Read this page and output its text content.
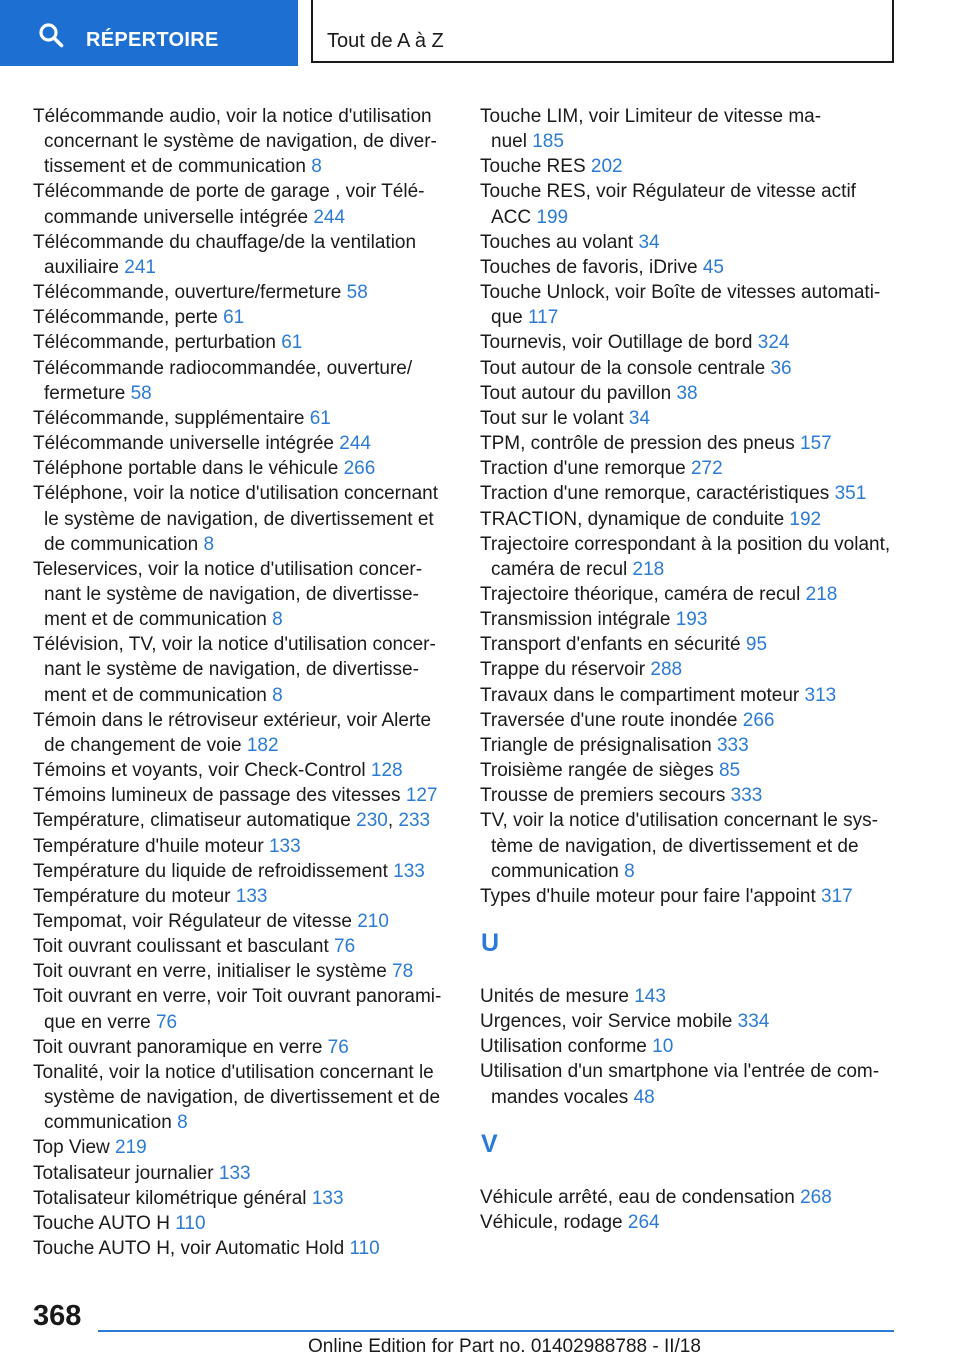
RÉPERTOIRE	Tout de A à Z

Télécommande audio, voir la notice d'utilisation
concernant le système de navigation, de diver-
tissement et de communication 8

Télécommande de porte de garage , voir Télé-
commande universelle intégrée 244

Télécommande du chauffage/de la ventilation
auxiliaire 241

Télécommande, ouverture/fermeture 58

Télécommande, perte 61

Télécommande, perturbation 61

Télécommande radiocommandée, ouverture/
fermeture 58

Télécommande, supplémentaire 61

Télécommande universelle intégrée 244

Téléphone portable dans le véhicule 266

Téléphone, voir la notice d'utilisation concernant
le système de navigation, de divertissement et
de communication 8

Teleservices, voir la notice d'utilisation concer-
nant le système de navigation, de divertisse-
ment et de communication 8

Télévision, TV, voir la notice d'utilisation concer-
nant le système de navigation, de divertisse-
ment et de communication 8

Témoin dans le rétroviseur extérieur, voir Alerte
de changement de voie 182

Témoins et voyants, voir Check-Control 128

Témoins lumineux de passage des vitesses 127

Température, climatiseur automatique 230, 233

Température d'huile moteur 133

Température du liquide de refroidissement 133

Température du moteur 133

Tempomat, voir Régulateur de vitesse 210

Toit ouvrant coulissant et basculant 76

Toit ouvrant en verre, initialiser le système 78

Toit ouvrant en verre, voir Toit ouvrant panorami-
que en verre 76

Toit ouvrant panoramique en verre 76

Tonalité, voir la notice d'utilisation concernant le
système de navigation, de divertissement et de
communication 8

Top View 219

Totalisateur journalier 133

Totalisateur kilométrique général 133

Touche AUTO H 110

Touche AUTO H, voir Automatic Hold 110

Touche LIM, voir Limiteur de vitesse ma-
nuel 185

Touche RES 202

Touche RES, voir Régulateur de vitesse actif
ACC 199

Touches au volant 34

Touches de favoris, iDrive 45

Touche Unlock, voir Boîte de vitesses automati-
que 117

Tournevis, voir Outillage de bord 324

Tout autour de la console centrale 36

Tout autour du pavillon 38

Tout sur le volant 34

TPM, contrôle de pression des pneus 157

Traction d'une remorque 272

Traction d'une remorque, caractéristiques 351

TRACTION, dynamique de conduite 192

Trajectoire correspondant à la position du volant,
caméra de recul 218

Trajectoire théorique, caméra de recul 218

Transmission intégrale 193

Transport d'enfants en sécurité 95

Trappe du réservoir 288

Travaux dans le compartiment moteur 313

Traversée d'une route inondée 266

Triangle de présignalisation 333

Troisième rangée de sièges 85

Trousse de premiers secours 333

TV, voir la notice d'utilisation concernant le sys-
tème de navigation, de divertissement et de
communication 8

Types d'huile moteur pour faire l'appoint 317

U

Unités de mesure 143

Urgences, voir Service mobile 334

Utilisation conforme 10

Utilisation d'un smartphone via l'entrée de com-
mandes vocales 48

V

Véhicule arrêté, eau de condensation 268

Véhicule, rodage 264

368
Online Edition for Part no. 01402988788 - II/18
